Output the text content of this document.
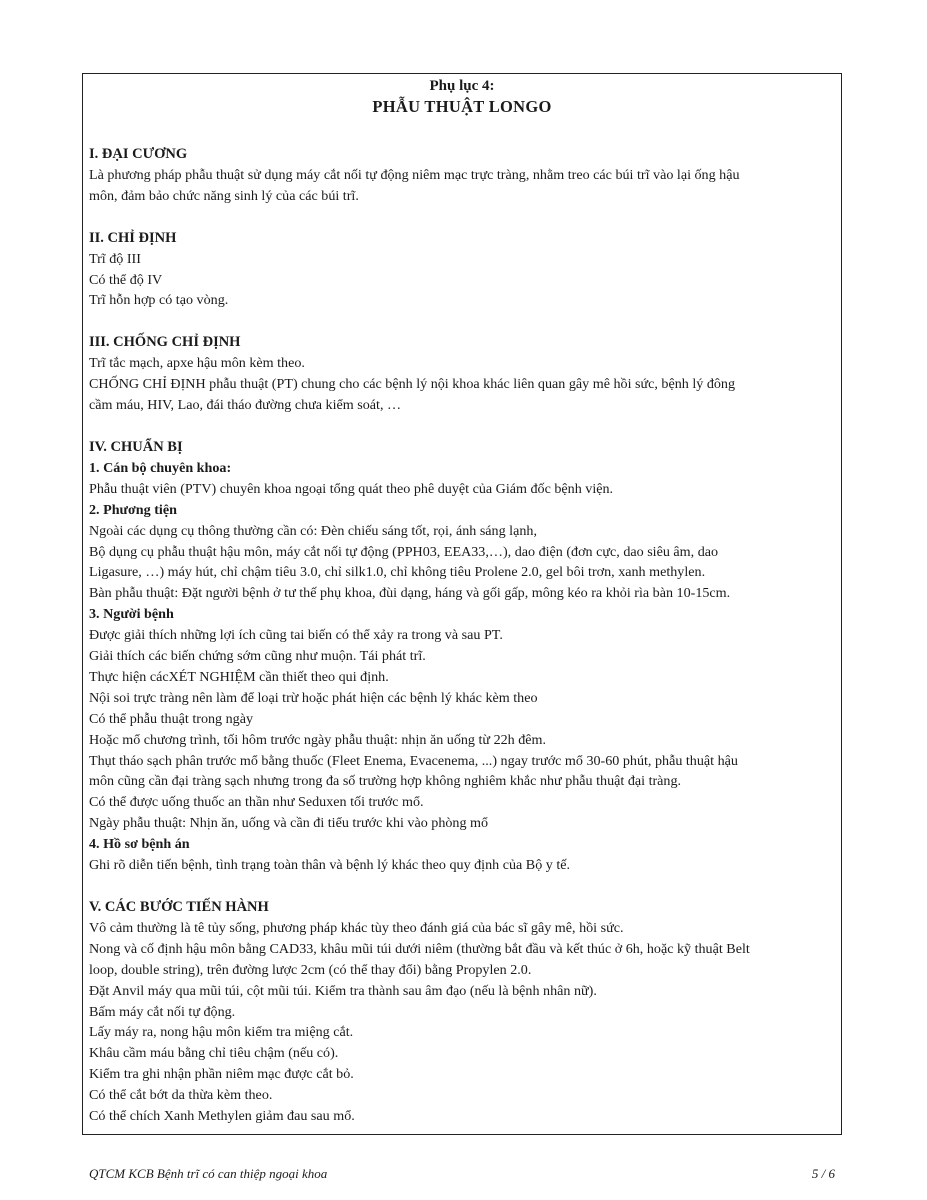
Phụ lục 4:
PHẪU THUẬT LONGO
I. ĐẠI CƯƠNG
Là phương pháp phẫu thuật sử dụng máy cắt nối tự động niêm mạc trực tràng, nhằm treo các búi trĩ vào lại ống hậu
môn, đảm bảo chức năng sinh lý của các búi trĩ.
II. CHỈ ĐỊNH
Trĩ độ III
Có thể độ IV
Trĩ hỗn hợp có tạo vòng.
III. CHỐNG CHỈ ĐỊNH
Trĩ tắc mạch, apxe hậu môn kèm theo.
CHỐNG CHỈ ĐỊNH phẫu thuật (PT) chung cho các bệnh lý nội khoa khác liên quan gây mê hồi sức, bệnh lý đông
cầm máu, HIV, Lao, đái tháo đường chưa kiểm soát, …
IV. CHUẨN BỊ
1. Cán bộ chuyên khoa:
Phẫu thuật viên (PTV) chuyên khoa ngoại tổng quát theo phê duyệt của Giám đốc bệnh viện.
2. Phương tiện
Ngoài các dụng cụ thông thường cần có: Đèn chiếu sáng tốt, rọi, ánh sáng lạnh,
Bộ dụng cụ phẫu thuật hậu môn, máy cắt nối tự động (PPH03, EEA33,…), dao điện (đơn cực, dao siêu âm, dao
Ligasure, …) máy hút, chỉ chậm tiêu 3.0, chỉ silk1.0, chỉ không tiêu Prolene 2.0, gel bôi trơn, xanh methylen.
Bàn phẫu thuật: Đặt người bệnh ở tư thế phụ khoa, đùi dạng, háng và gối gấp, mông kéo ra khỏi rìa bàn 10-15cm.
3. Người bệnh
Được giải thích những lợi ích cũng tai biến có thể xảy ra trong và sau PT.
Giải thích các biến chứng sớm cũng như muộn. Tái phát trĩ.
Thực hiện cácXÉT NGHIỆM cần thiết theo qui định.
Nội soi trực tràng nên làm để loại trừ hoặc phát hiện các bệnh lý khác kèm theo
Có thể phẫu thuật trong ngày
Hoặc mổ chương trình, tối hôm trước ngày phẫu thuật: nhịn ăn uống từ 22h đêm.
Thụt tháo sạch phân trước mổ bằng thuốc (Fleet Enema, Evacenema, ...) ngay trước mổ 30-60 phút, phẫu thuật hậu
môn cũng cần đại tràng sạch nhưng trong đa số trường hợp không nghiêm khắc như phẫu thuật đại tràng.
Có thể được uống thuốc an thần như Seduxen tối trước mổ.
Ngày phẫu thuật: Nhịn ăn, uống và cần đi tiểu trước khi vào phòng mổ
4. Hồ sơ bệnh án
Ghi rõ diễn tiến bệnh, tình trạng toàn thân và bệnh lý khác theo quy định của Bộ y tế.
V. CÁC BƯỚC TIẾN HÀNH
Vô cảm thường là tê tủy sống, phương pháp khác tùy theo đánh giá của bác sĩ gây mê, hồi sức.
Nong và cố định hậu môn bằng CAD33, khâu mũi túi dưới niêm (thường bắt đầu và kết thúc ở 6h, hoặc kỹ thuật Belt
loop, double string), trên đường lược 2cm (có thể thay đổi) bằng Propylen 2.0.
Đặt Anvil máy qua mũi túi, cột mũi túi. Kiểm tra thành sau âm đạo (nếu là bệnh nhân nữ).
Bấm máy cắt nối tự động.
Lấy máy ra, nong hậu môn kiểm tra miệng cắt.
Khâu cầm máu bằng chỉ tiêu chậm (nếu có).
Kiểm tra ghi nhận phần niêm mạc được cắt bỏ.
Có thể cắt bớt da thừa kèm theo.
Có thể chích Xanh Methylen giảm đau sau mổ.
QTCM KCB Bệnh trĩ có can thiệp ngoại khoa	5 / 6
